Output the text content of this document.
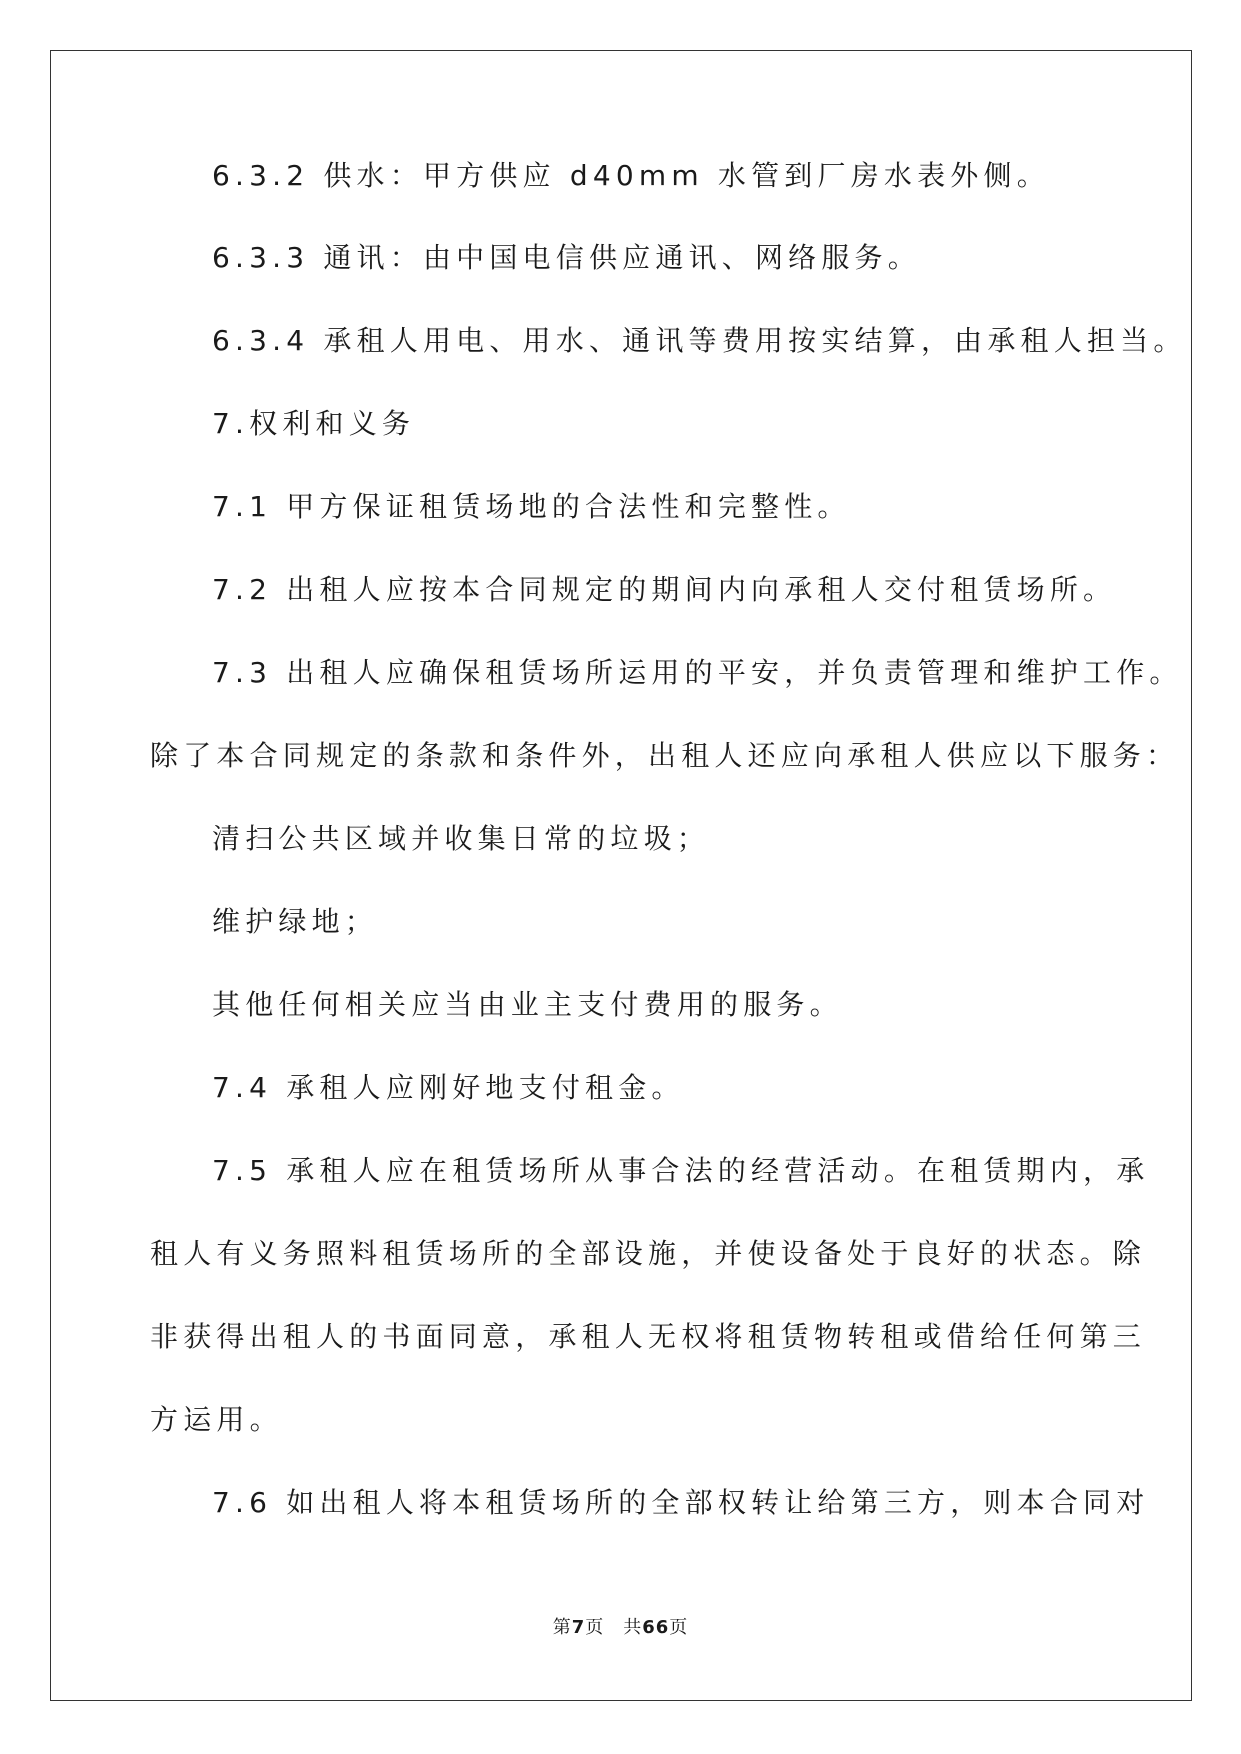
6.3.2 供水：甲方供应 d40mm 水管到厂房水表外侧。
6.3.3 通讯：由中国电信供应通讯、网络服务。
6.3.4 承租人用电、用水、通讯等费用按实结算，由承租人担当。
7.权利和义务
7.1 甲方保证租赁场地的合法性和完整性。
7.2 出租人应按本合同规定的期间内向承租人交付租赁场所。
7.3 出租人应确保租赁场所运用的平安，并负责管理和维护工作。
除了本合同规定的条款和条件外，出租人还应向承租人供应以下服务：
清扫公共区域并收集日常的垃圾；
维护绿地；
其他任何相关应当由业主支付费用的服务。
7.4 承租人应刚好地支付租金。
7.5 承租人应在租赁场所从事合法的经营活动。在租赁期内，承
租人有义务照料租赁场所的全部设施，并使设备处于良好的状态。除
非获得出租人的书面同意，承租人无权将租赁物转租或借给任何第三
方运用。
7.6 如出租人将本租赁场所的全部权转让给第三方，则本合同对
第7页　共66页
